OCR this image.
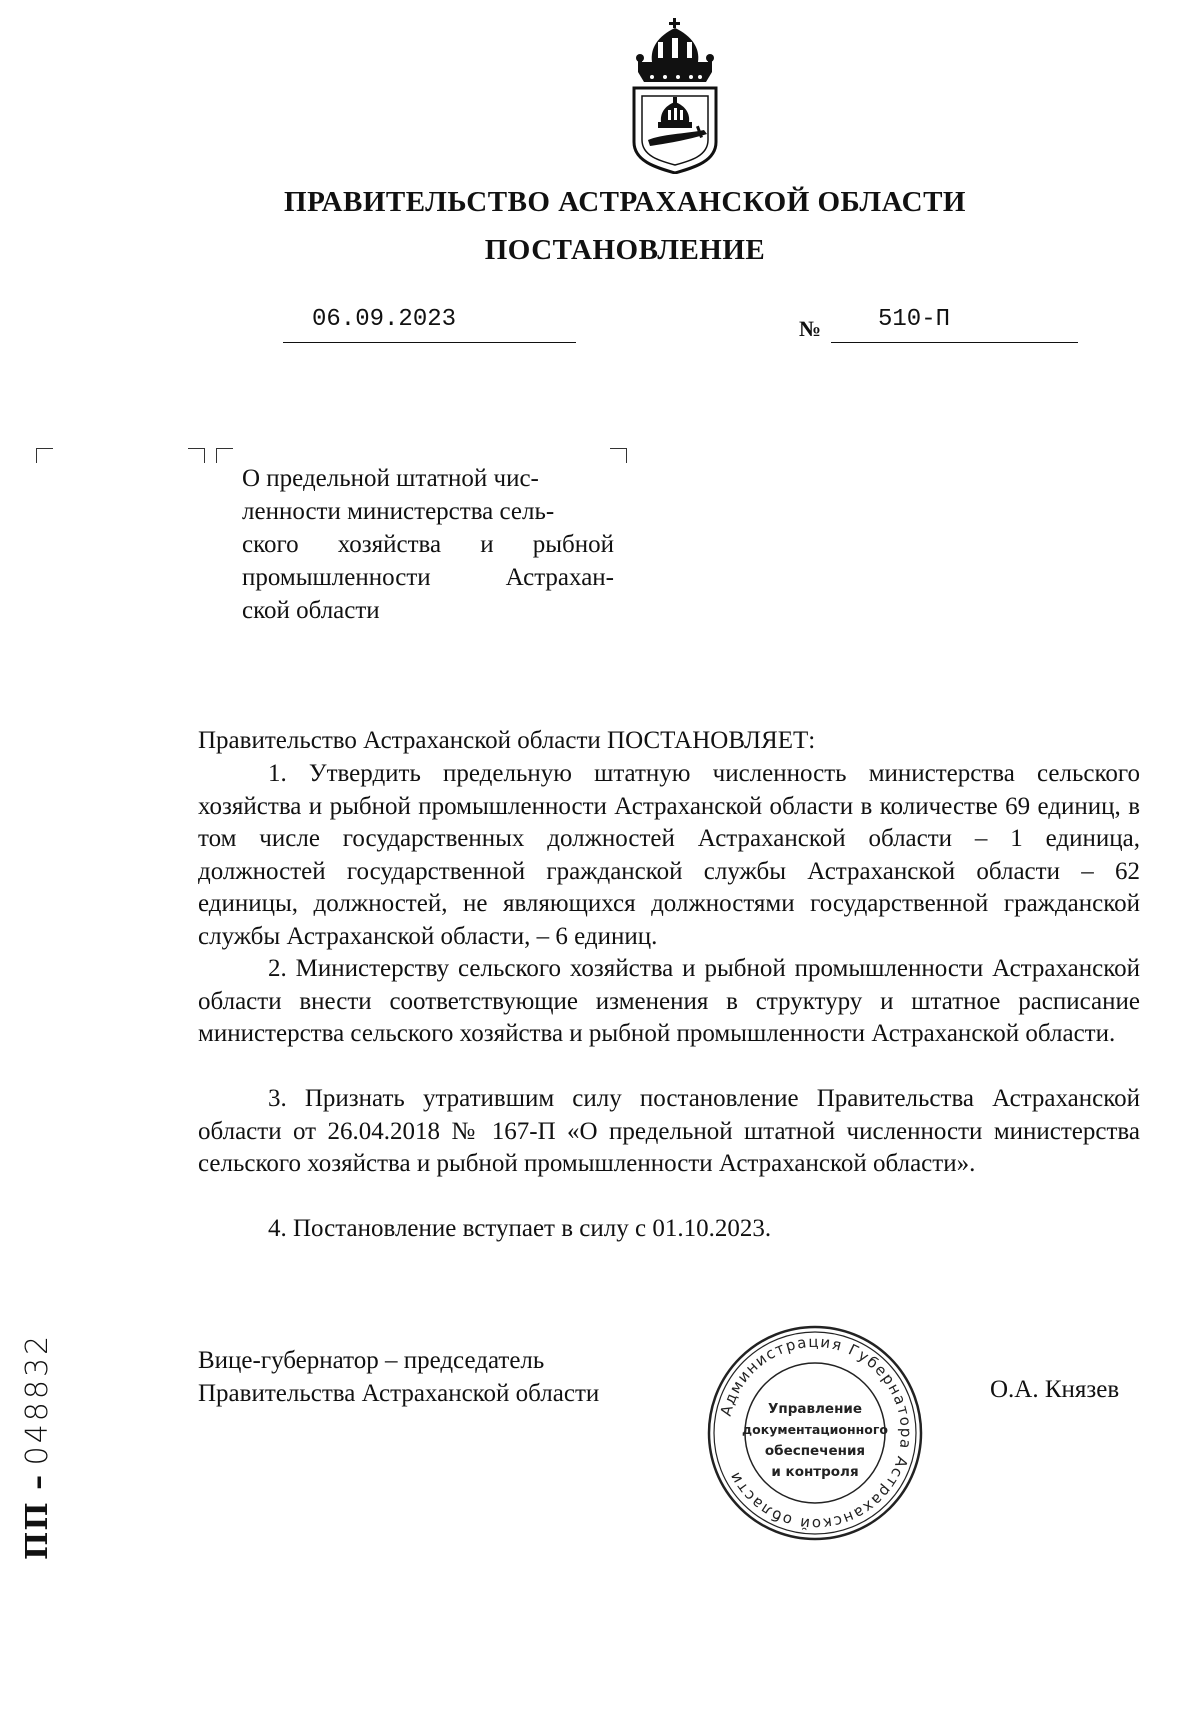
ПРАВИТЕЛЬСТВО АСТРАХАНСКОЙ ОБЛАСТИ
ПОСТАНОВЛЕНИЕ
06.09.2023	№ 510-П
О предельной штатной чис-
ленности министерства сель-
ского хозяйства и рыбной
промышленности Астрахан-
ской области
Правительство Астраханской области ПОСТАНОВЛЯЕТ:
1. Утвердить предельную штатную численность министерства сельского хозяйства и рыбной промышленности Астраханской области в количестве 69 единиц, в том числе государственных должностей Астраханской области – 1 единица, должностей государственной гражданской службы Астраханской области – 62 единицы, должностей, не являющихся должностями государственной гражданской службы Астраханской области, – 6 единиц.
2. Министерству сельского хозяйства и рыбной промышленности Астраханской области внести соответствующие изменения в структуру и штатное расписание министерства сельского хозяйства и рыбной промышленности Астраханской области.
3. Признать утратившим силу постановление Правительства Астраханской области от 26.04.2018 № 167-П «О предельной штатной численности министерства сельского хозяйства и рыбной промышленности Астраханской области».
4. Постановление вступает в силу с 01.10.2023.
Вице-губернатор – председатель
Правительства Астраханской области	О.А. Князев
Администрация Губернатора Астраханской области
Управление
документационного
обеспечения
и контроля
ПП – 048832
